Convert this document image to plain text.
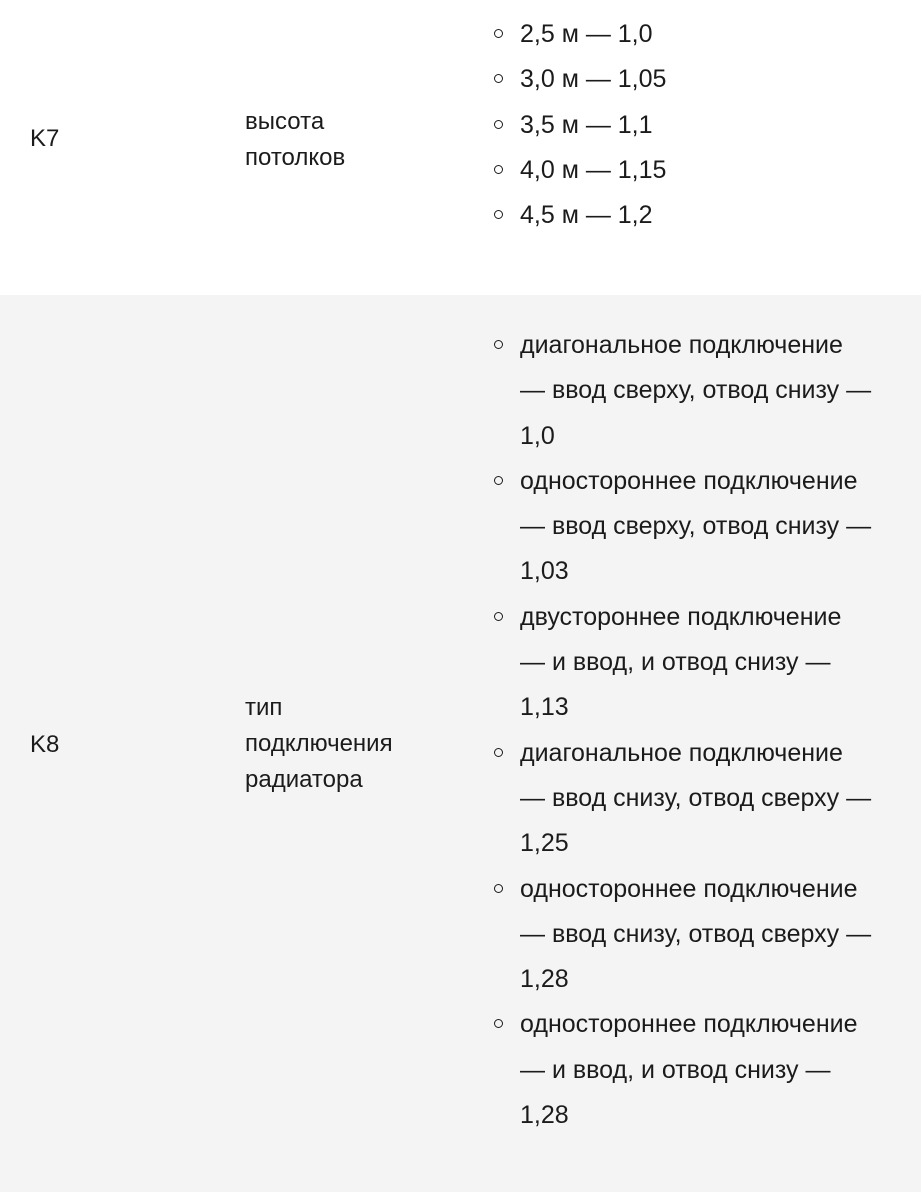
K7
высота
потолков
2,5 м — 1,0
3,0 м — 1,05
3,5 м — 1,1
4,0 м — 1,15
4,5 м — 1,2
K8
тип
подключения
радиатора
диагональное подключение
— ввод сверху, отвод снизу —
1,0
одностороннее подключение
— ввод сверху, отвод снизу —
1,03
двустороннее подключение
— и ввод, и отвод снизу —
1,13
диагональное подключение
— ввод снизу, отвод сверху —
1,25
одностороннее подключение
— ввод снизу, отвод сверху —
1,28
одностороннее подключение
— и ввод, и отвод снизу —
1,28
